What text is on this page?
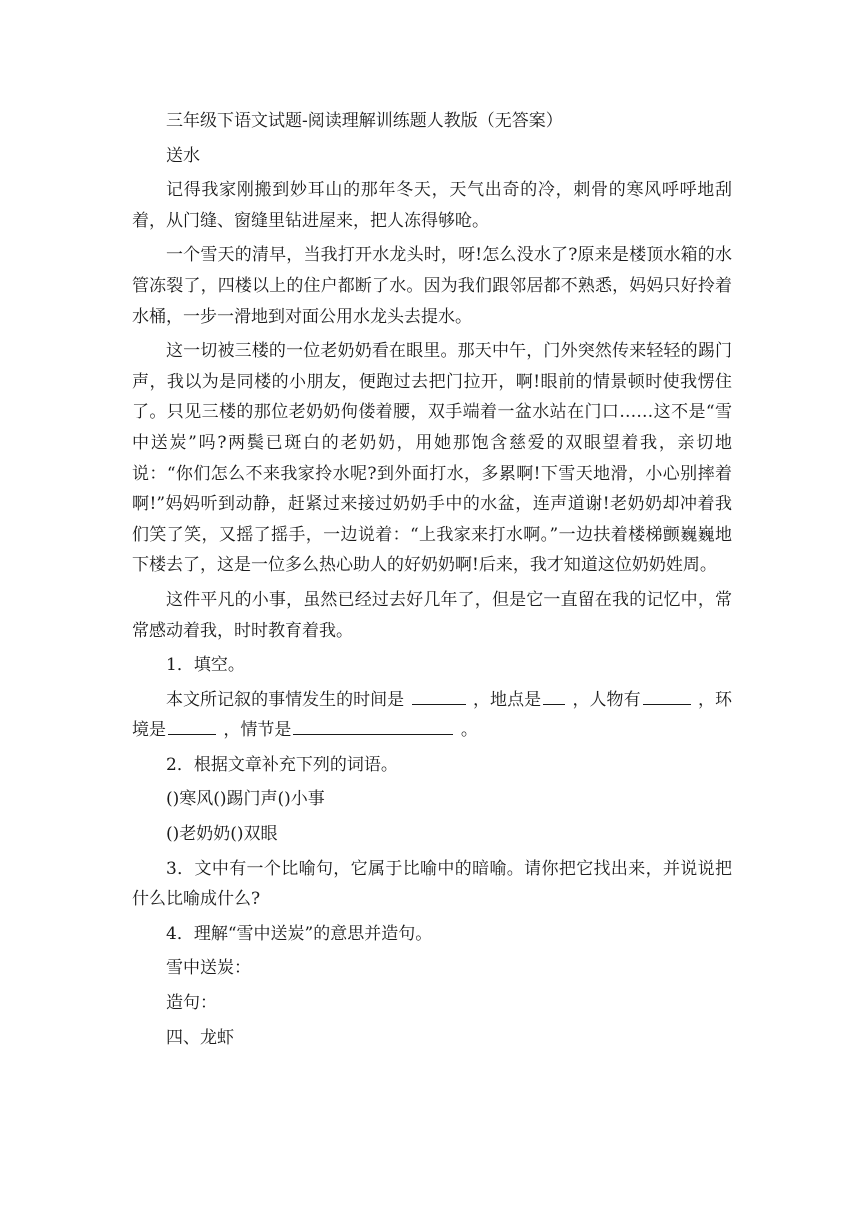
三年级下语文试题-阅读理解训练题人教版（无答案）

送水

记得我家刚搬到妙耳山的那年冬天，天气出奇的冷，刺骨的寒风呼呼地刮着，从门缝、窗缝里钻进屋来，把人冻得够呛。

一个雪天的清早，当我打开水龙头时，呀!怎么没水了?原来是楼顶水箱的水管冻裂了，四楼以上的住户都断了水。因为我们跟邻居都不熟悉，妈妈只好拎着水桶，一步一滑地到对面公用水龙头去提水。

这一切被三楼的一位老奶奶看在眼里。那天中午，门外突然传来轻轻的踢门声，我以为是同楼的小朋友，便跑过去把门拉开，啊!眼前的情景顿时使我愣住了。只见三楼的那位老奶奶佝偻着腰，双手端着一盆水站在门口……这不是“雪中送炭”吗?两鬓已斑白的老奶奶，用她那饱含慈爱的双眼望着我，亲切地说：“你们怎么不来我家拎水呢?到外面打水，多累啊!下雪天地滑，小心别摔着啊!”妈妈听到动静，赶紧过来接过奶奶手中的水盆，连声道谢!老奶奶却冲着我们笑了笑，又摇了摇手，一边说着：“上我家来打水啊。”一边扶着楼梯颤巍巍地下楼去了，这是一位多么热心助人的好奶奶啊!后来，我才知道这位奶奶姓周。

这件平凡的小事，虽然已经过去好几年了，但是它一直留在我的记忆中，常常感动着我，时时教育着我。

1．填空。

本文所记叙的事情发生的时间是	，地点是 ，人物有	，环境是	，情节是	。

2．根据文章补充下列的词语。

()寒风()踢门声()小事

()老奶奶()双眼

3．文中有一个比喻句，它属于比喻中的暗喻。请你把它找出来，并说说把什么比喻成什么?

4．理解“雪中送炭”的意思并造句。

雪中送炭：

造句：

四、龙虾
